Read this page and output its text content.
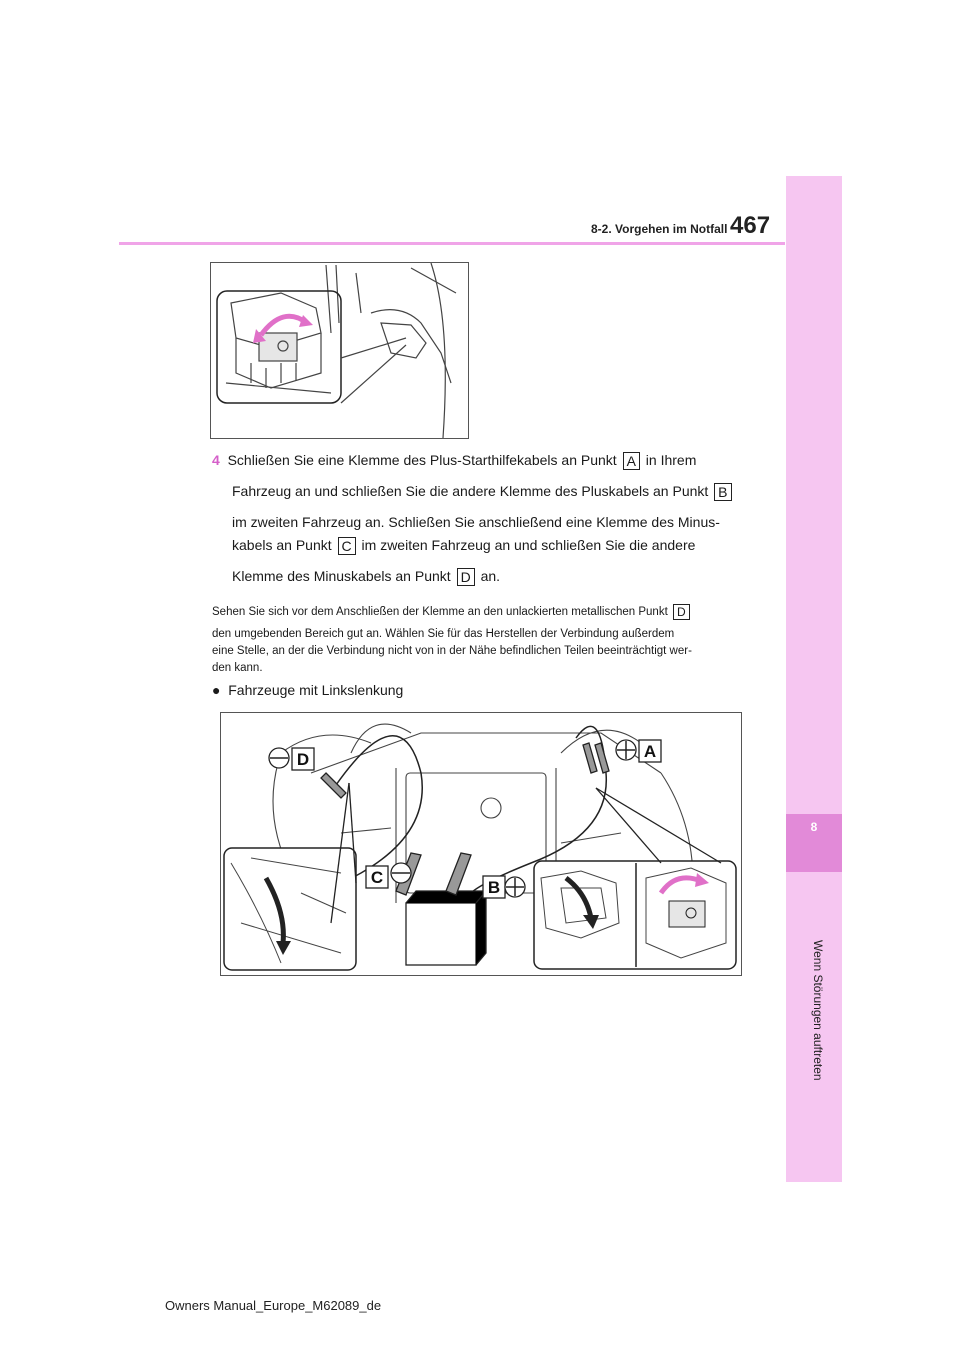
8
Wenn Störungen auftreten
8-2. Vorgehen im Notfall 467
4 Schließen Sie eine Klemme des Plus-Starthilfekabels an Punkt A in Ihrem
Fahrzeug an und schließen Sie die andere Klemme des Pluskabels an Punkt B
im zweiten Fahrzeug an. Schließen Sie anschließend eine Klemme des Minus-
kabels an Punkt C im zweiten Fahrzeug an und schließen Sie die andere
Klemme des Minuskabels an Punkt D an.
Sehen Sie sich vor dem Anschließen der Klemme an den unlackierten metallischen Punkt D
den umgebenden Bereich gut an. Wählen Sie für das Herstellen der Verbindung außerdem
eine Stelle, an der die Verbindung nicht von in der Nähe befindlichen Teilen beeinträchtigt wer-
den kann.
● Fahrzeuge mit Linkslenkung
D	A
C
B
Owners Manual_Europe_M62089_de
